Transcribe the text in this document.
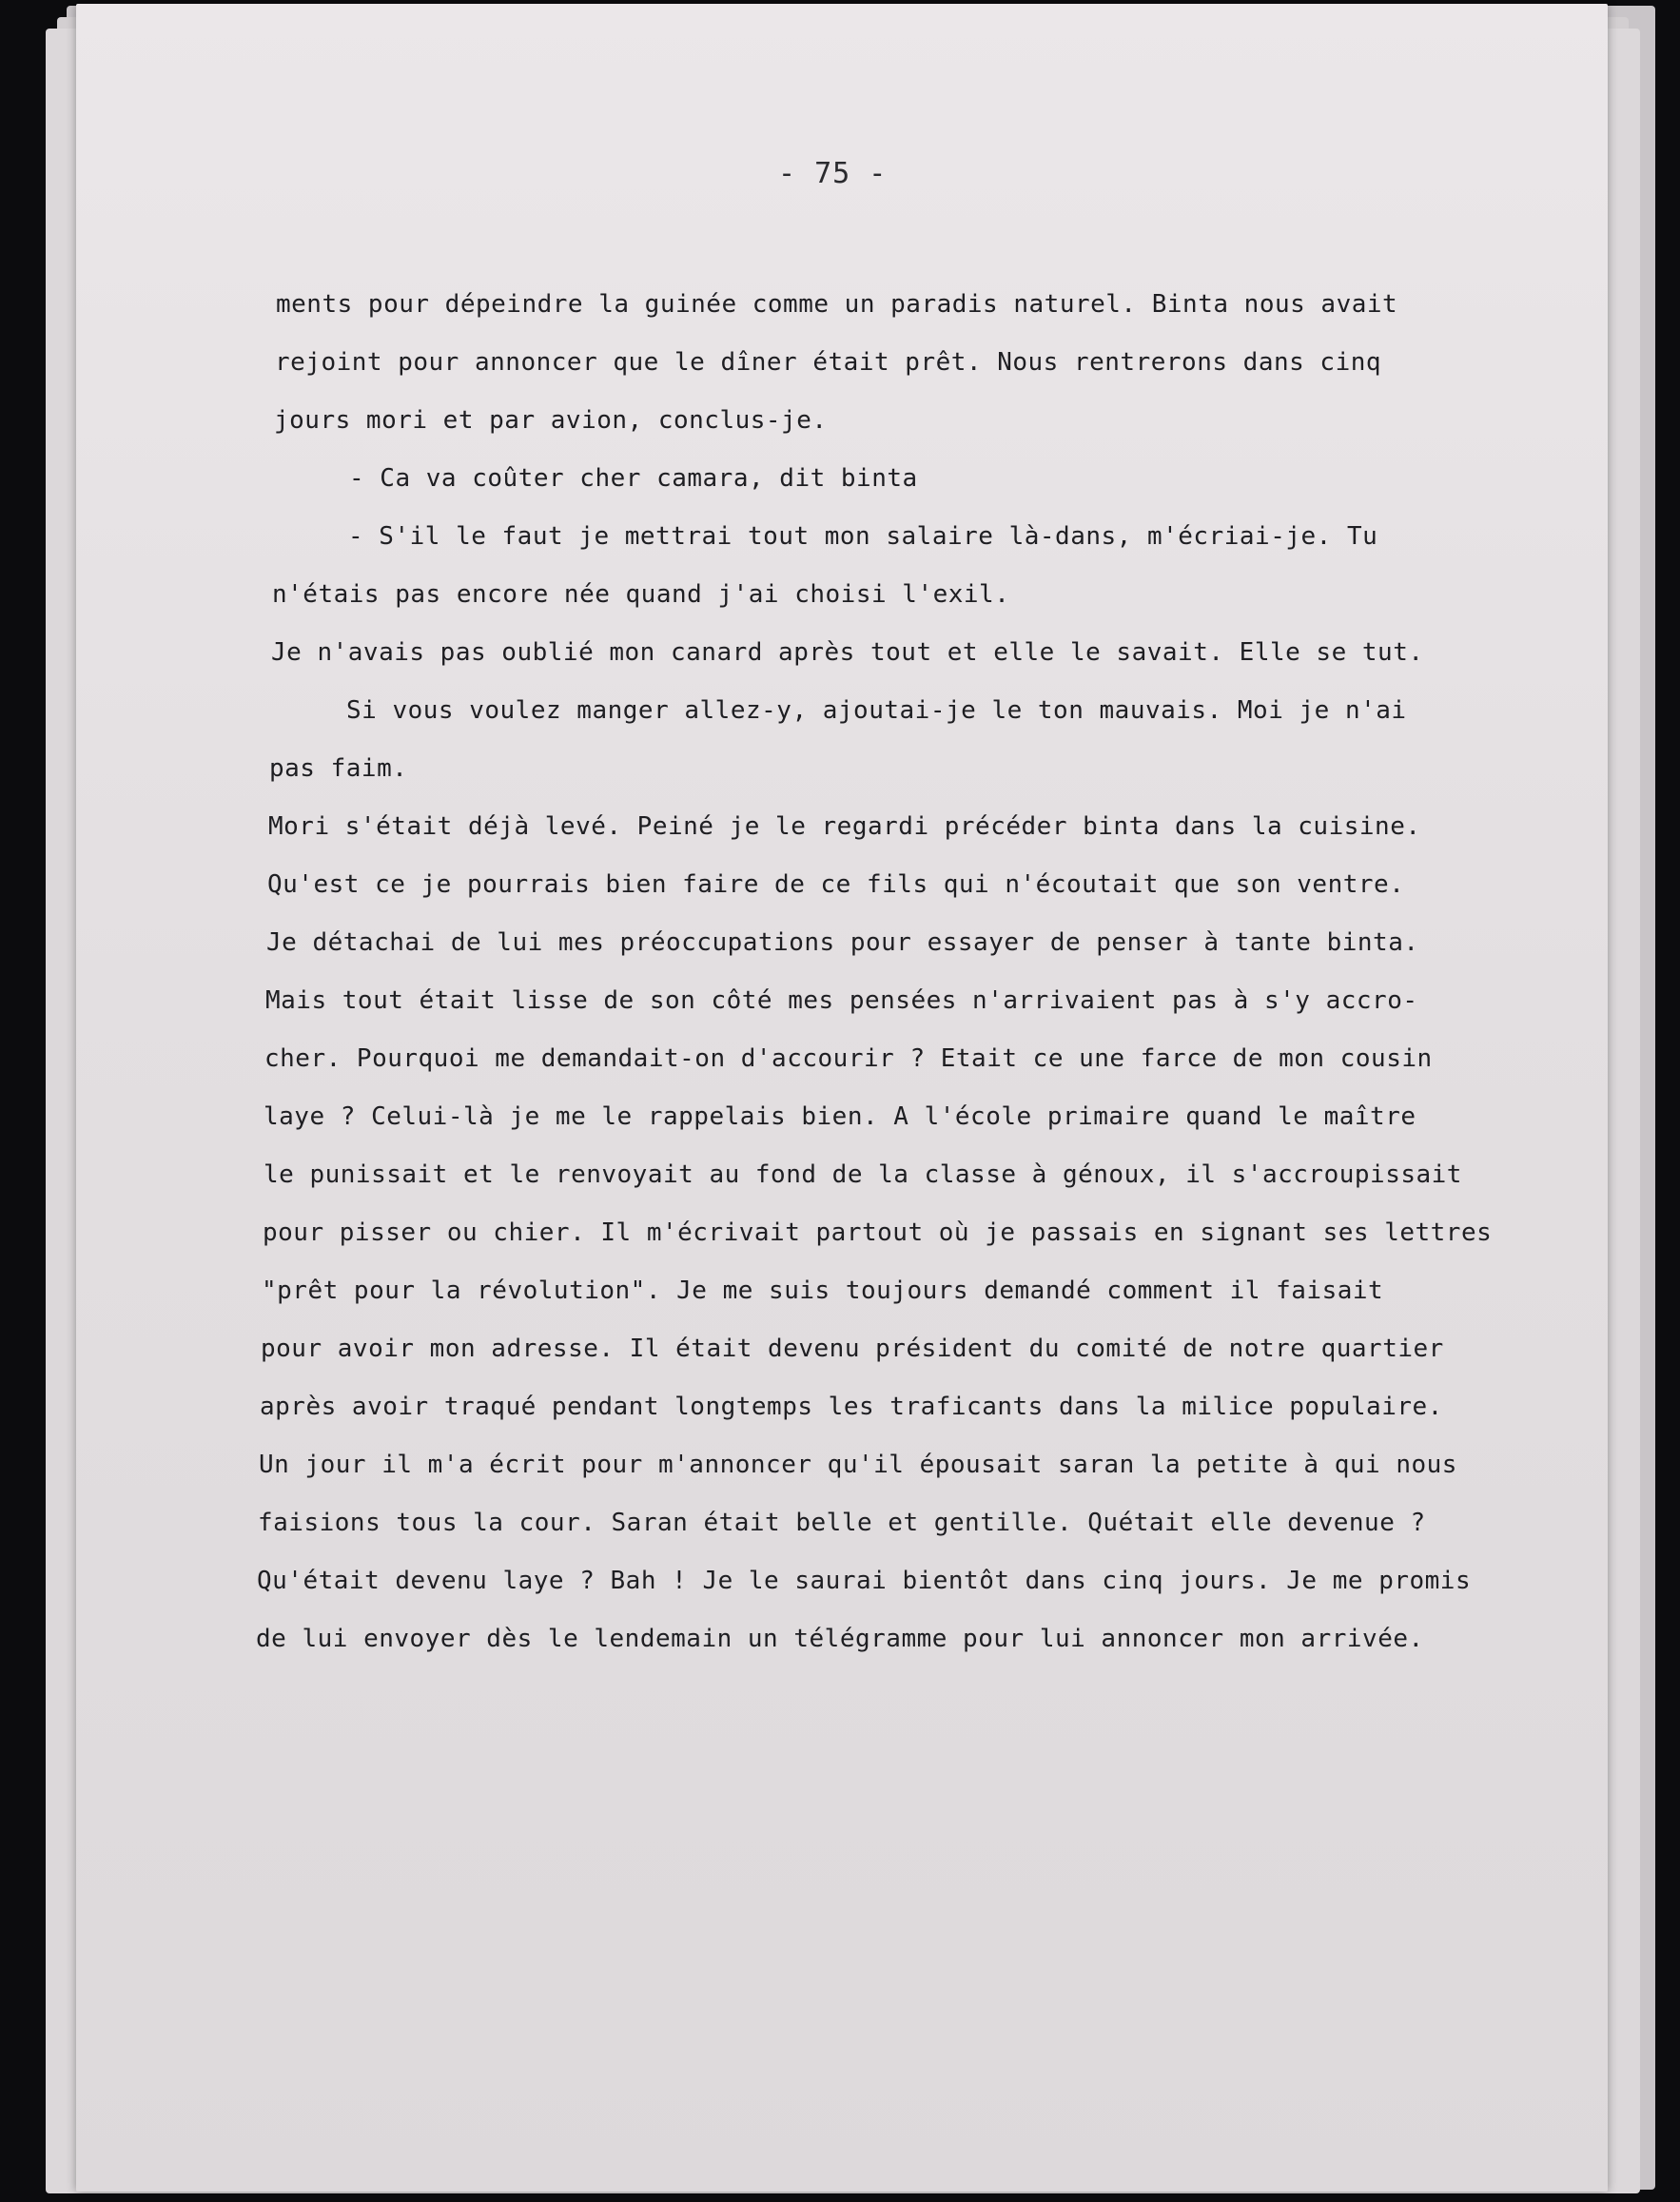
- 75 -
ments pour dépeindre la guinée comme un paradis naturel. Binta nous avait
rejoint pour annoncer que le dîner était prêt. Nous rentrerons dans cinq
jours mori et par avion, conclus-je.
- Ca va coûter cher camara, dit binta
- S'il le faut je mettrai tout mon salaire là-dans, m'écriai-je. Tu
n'étais pas encore née quand j'ai choisi l'exil.
Je n'avais pas oublié mon canard après tout et elle le savait. Elle se tut.
Si vous voulez manger allez-y, ajoutai-je le ton mauvais. Moi je n'ai
pas faim.
Mori s'était déjà levé. Peiné je le regardi précéder binta dans la cuisine.
Qu'est ce je pourrais bien faire de ce fils qui n'écoutait que son ventre.
Je détachai de lui mes préoccupations pour essayer de penser à tante binta.
Mais tout était lisse de son côté mes pensées n'arrivaient pas à s'y accro-
cher. Pourquoi me demandait-on d'accourir ? Etait ce une farce de mon cousin
laye ? Celui-là je me le rappelais bien. A l'école primaire quand le maître
le punissait et le renvoyait au fond de la classe à génoux, il s'accroupissait
pour pisser ou chier. Il m'écrivait partout où je passais en signant ses lettres
"prêt pour la révolution". Je me suis toujours demandé comment il faisait
pour avoir mon adresse. Il était devenu président du comité de notre quartier
après avoir traqué pendant longtemps les traficants dans la milice populaire.
Un jour il m'a écrit pour m'annoncer qu'il épousait saran la petite à qui nous
faisions tous la cour. Saran était belle et gentille. Quétait elle devenue ?
Qu'était devenu laye ? Bah ! Je le saurai bientôt dans cinq jours. Je me promis
de lui envoyer dès le lendemain un télégramme pour lui annoncer mon arrivée.
